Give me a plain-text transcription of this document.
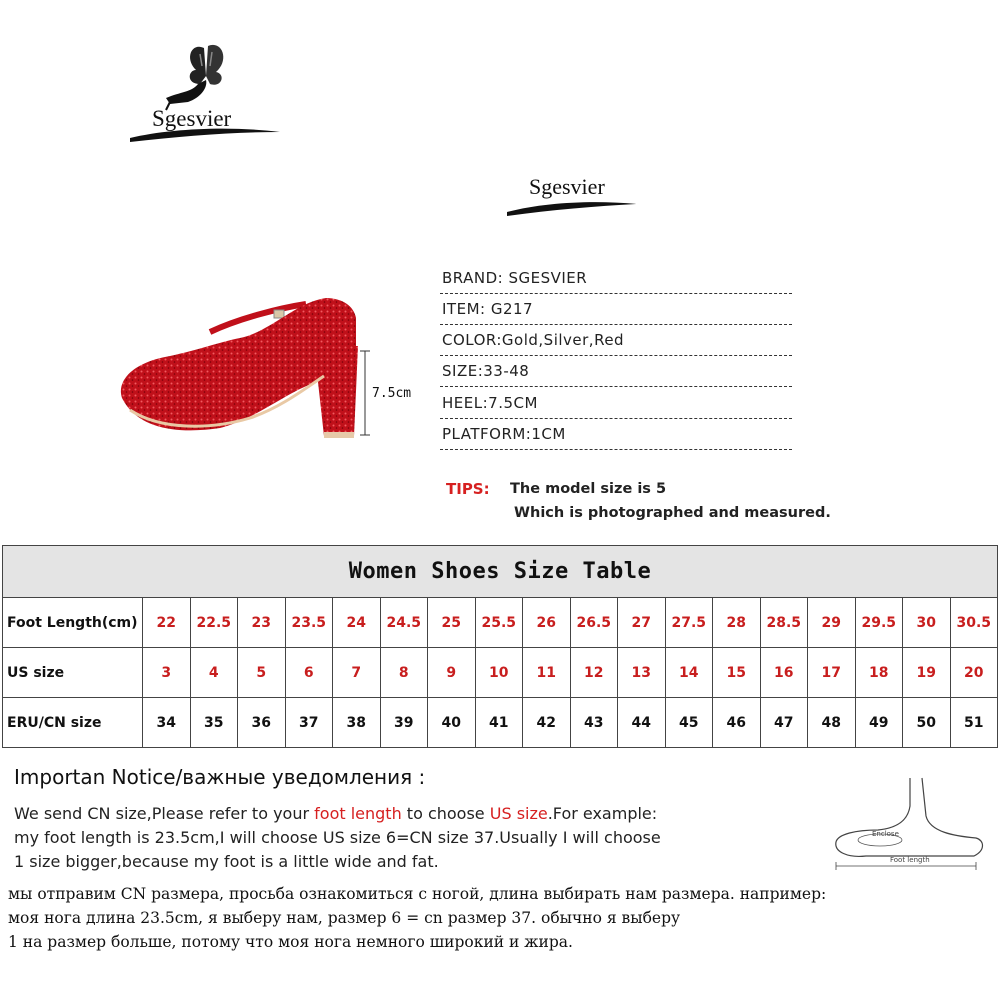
Sgesvier
Sgesvier
7.5cm
BRAND: SGESVIER
ITEM: G217
COLOR:Gold,Silver,Red
SIZE:33-48
HEEL:7.5CM
PLATFORM:1CM
TIPS: The model size is 5
Which is photographed and measured.
Women Shoes Size Table																		
Foot Length(cm)	22	22.5	23	23.5	24	24.5	25	25.5	26	26.5	27	27.5	28	28.5	29	29.5	30	30.5
US size	3	4	5	6	7	8	9	10	11	12	13	14	15	16	17	18	19	20
ERU/CN size	34	35	36	37	38	39	40	41	42	43	44	45	46	47	48	49	50	51
Importan Notice/важные уведомления :
We send CN size,Please refer to your foot length to choose US size.For example:
my foot length is 23.5cm,I will choose US size 6=CN size 37.Usually I will choose
1 size bigger,because my foot is a little wide and fat.
мы отправим CN размера, просьба ознакомиться с ногой, длина выбирать нам размера. например:
моя нога длина 23.5cm, я выберу нам, размер 6 = cn размер 37. обычно я выберу
1 на размер больше, потому что моя нога немного широкий и жира.
Enclose
Foot length
